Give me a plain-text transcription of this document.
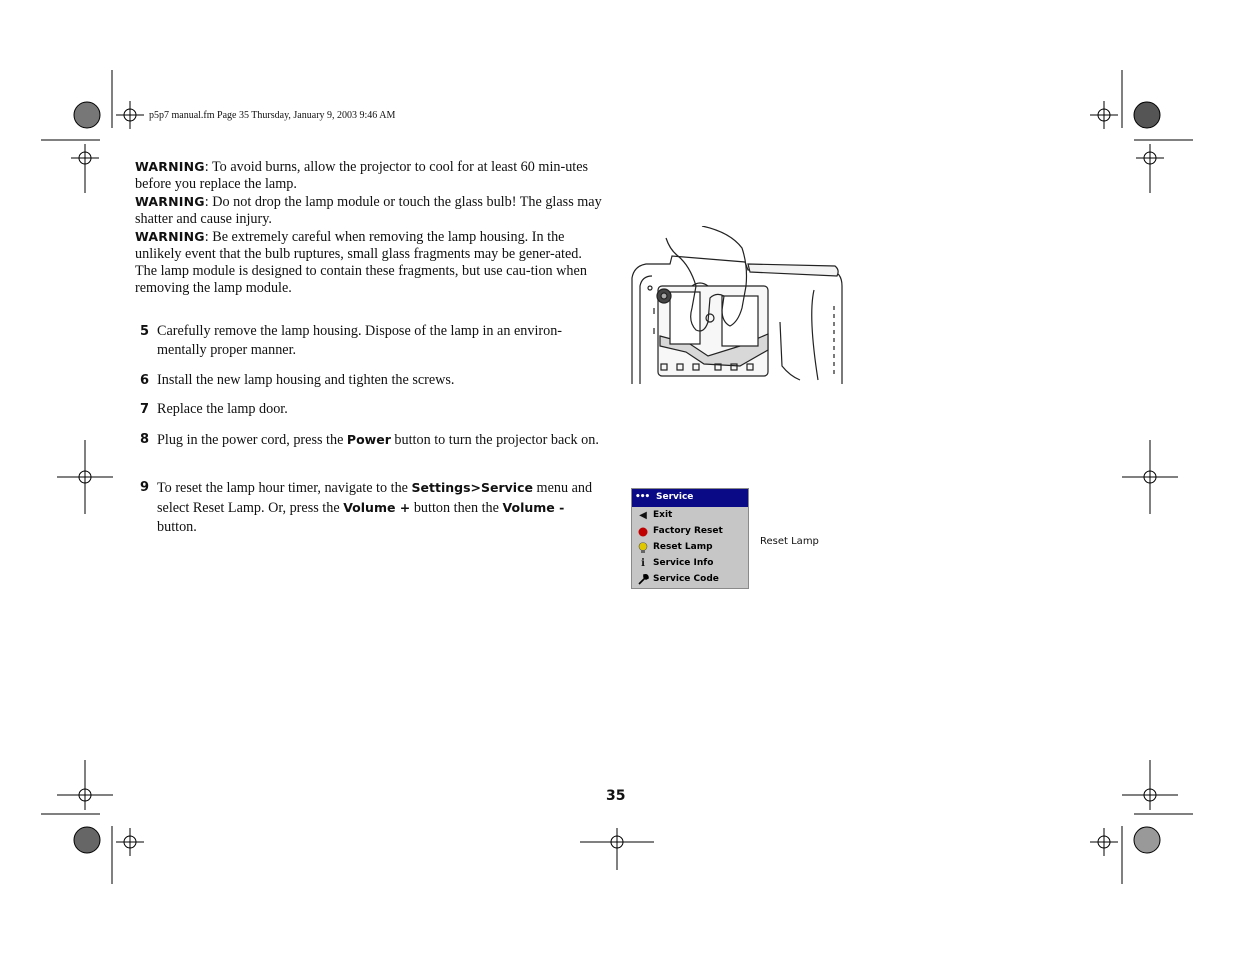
p5p7 manual.fm Page 35 Thursday, January 9, 2003 9:46 AM

WARNING: To avoid burns, allow the projector to cool for at least 60 min-utes before you replace the lamp.

WARNING: Do not drop the lamp module or touch the glass bulb! The glass may shatter and cause injury.

WARNING: Be extremely careful when removing the lamp housing. In the unlikely event that the bulb ruptures, small glass fragments may be gener-ated. The lamp module is designed to contain these fragments, but use cau-tion when removing the lamp module.

5 Carefully remove the lamp housing. Dispose of the lamp in an environ-mentally proper manner.
6 Install the new lamp housing and tighten the screws.
7 Replace the lamp door.
8 Plug in the power cord, press the Power button to turn the projector back on.
9 To reset the lamp hour timer, navigate to the Settings>Service menu and select Reset Lamp. Or, press the Volume + button then the Volume - button.
••• Service
◀ Exit
Factory Reset
Reset Lamp
i Service Info
Service Code
Reset Lamp
35
